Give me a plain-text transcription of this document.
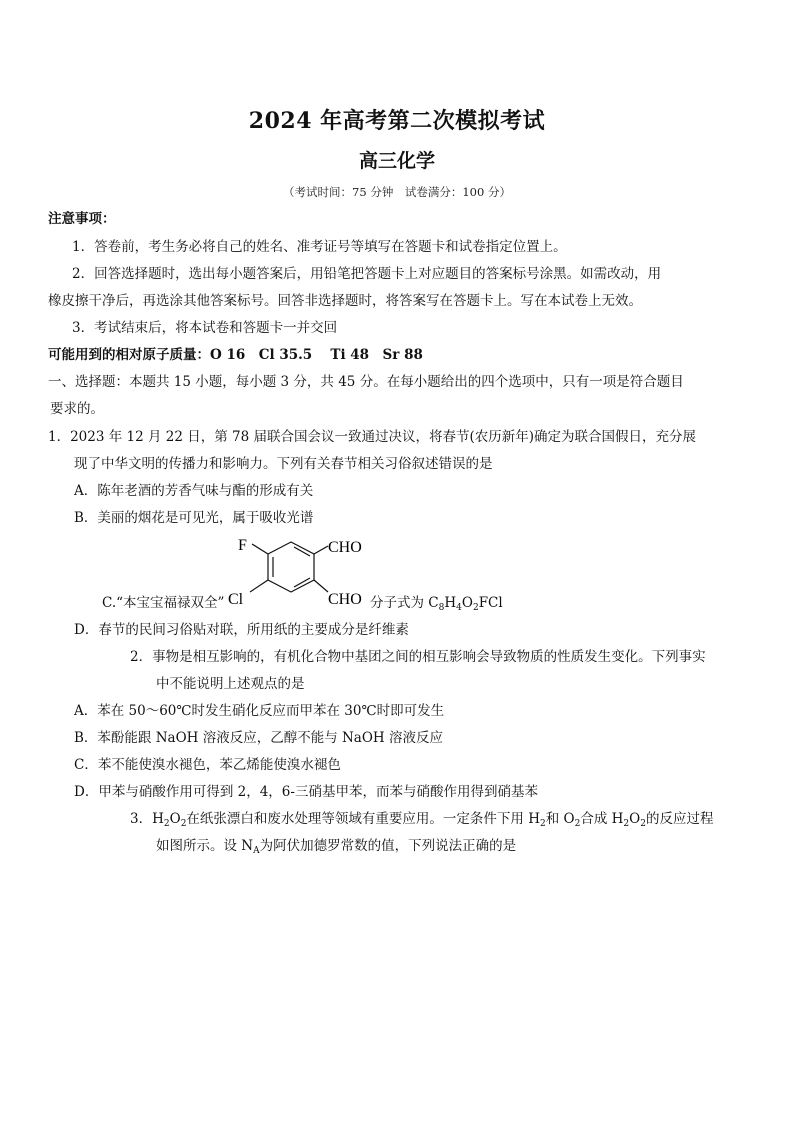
2024 年高考第二次模拟考试
高三化学
（考试时间：75 分钟　试卷满分：100 分）
注意事项：
1．答卷前，考生务必将自己的姓名、准考证号等填写在答题卡和试卷指定位置上。
2．回答选择题时，选出每小题答案后，用铅笔把答题卡上对应题目的答案标号涂黑。如需改动，用
橡皮擦干净后，再选涂其他答案标号。回答非选择题时，将答案写在答题卡上。写在本试卷上无效。
3．考试结束后，将本试卷和答题卡一并交回
可能用到的相对原子质量：O 16　Cl 35.5　 Ti 48　Sr 88
一、选择题：本题共 15 小题，每小题 3 分，共 45 分。在每小题给出的四个选项中，只有一项是符合题目
要求的。
1．2023 年 12 月 22 日，第 78 届联合国会议一致通过决议，将春节(农历新年)确定为联合国假日，充分展
现了中华文明的传播力和影响力。下列有关春节相关习俗叙述错误的是
A．陈年老酒的芳香气味与酯的形成有关
B．美丽的烟花是可见光，属于吸收光谱
F
Cl
CHO
CHO
C.“本宝宝福禄双全”	分子式为 $C_8H_4O_2FCl$
D．春节的民间习俗贴对联，所用纸的主要成分是纤维素
2．事物是相互影响的，有机化合物中基团之间的相互影响会导致物质的性质发生变化。下列事实
中不能说明上述观点的是
A．苯在 50～60℃时发生硝化反应而甲苯在 30℃时即可发生
B．苯酚能跟 NaOH 溶液反应，乙醇不能与 NaOH 溶液反应
C．苯不能使溴水褪色，苯乙烯能使溴水褪色
D．甲苯与硝酸作用可得到 2，4，6-三硝基甲苯，而苯与硝酸作用得到硝基苯
3．$H_2O_2$在纸张漂白和废水处理等领域有重要应用。一定条件下用 $H_2$和 $O_2$合成 $H_2O_2$的反应过程
如图所示。设 $N_A$为阿伏加德罗常数的值，下列说法正确的是
